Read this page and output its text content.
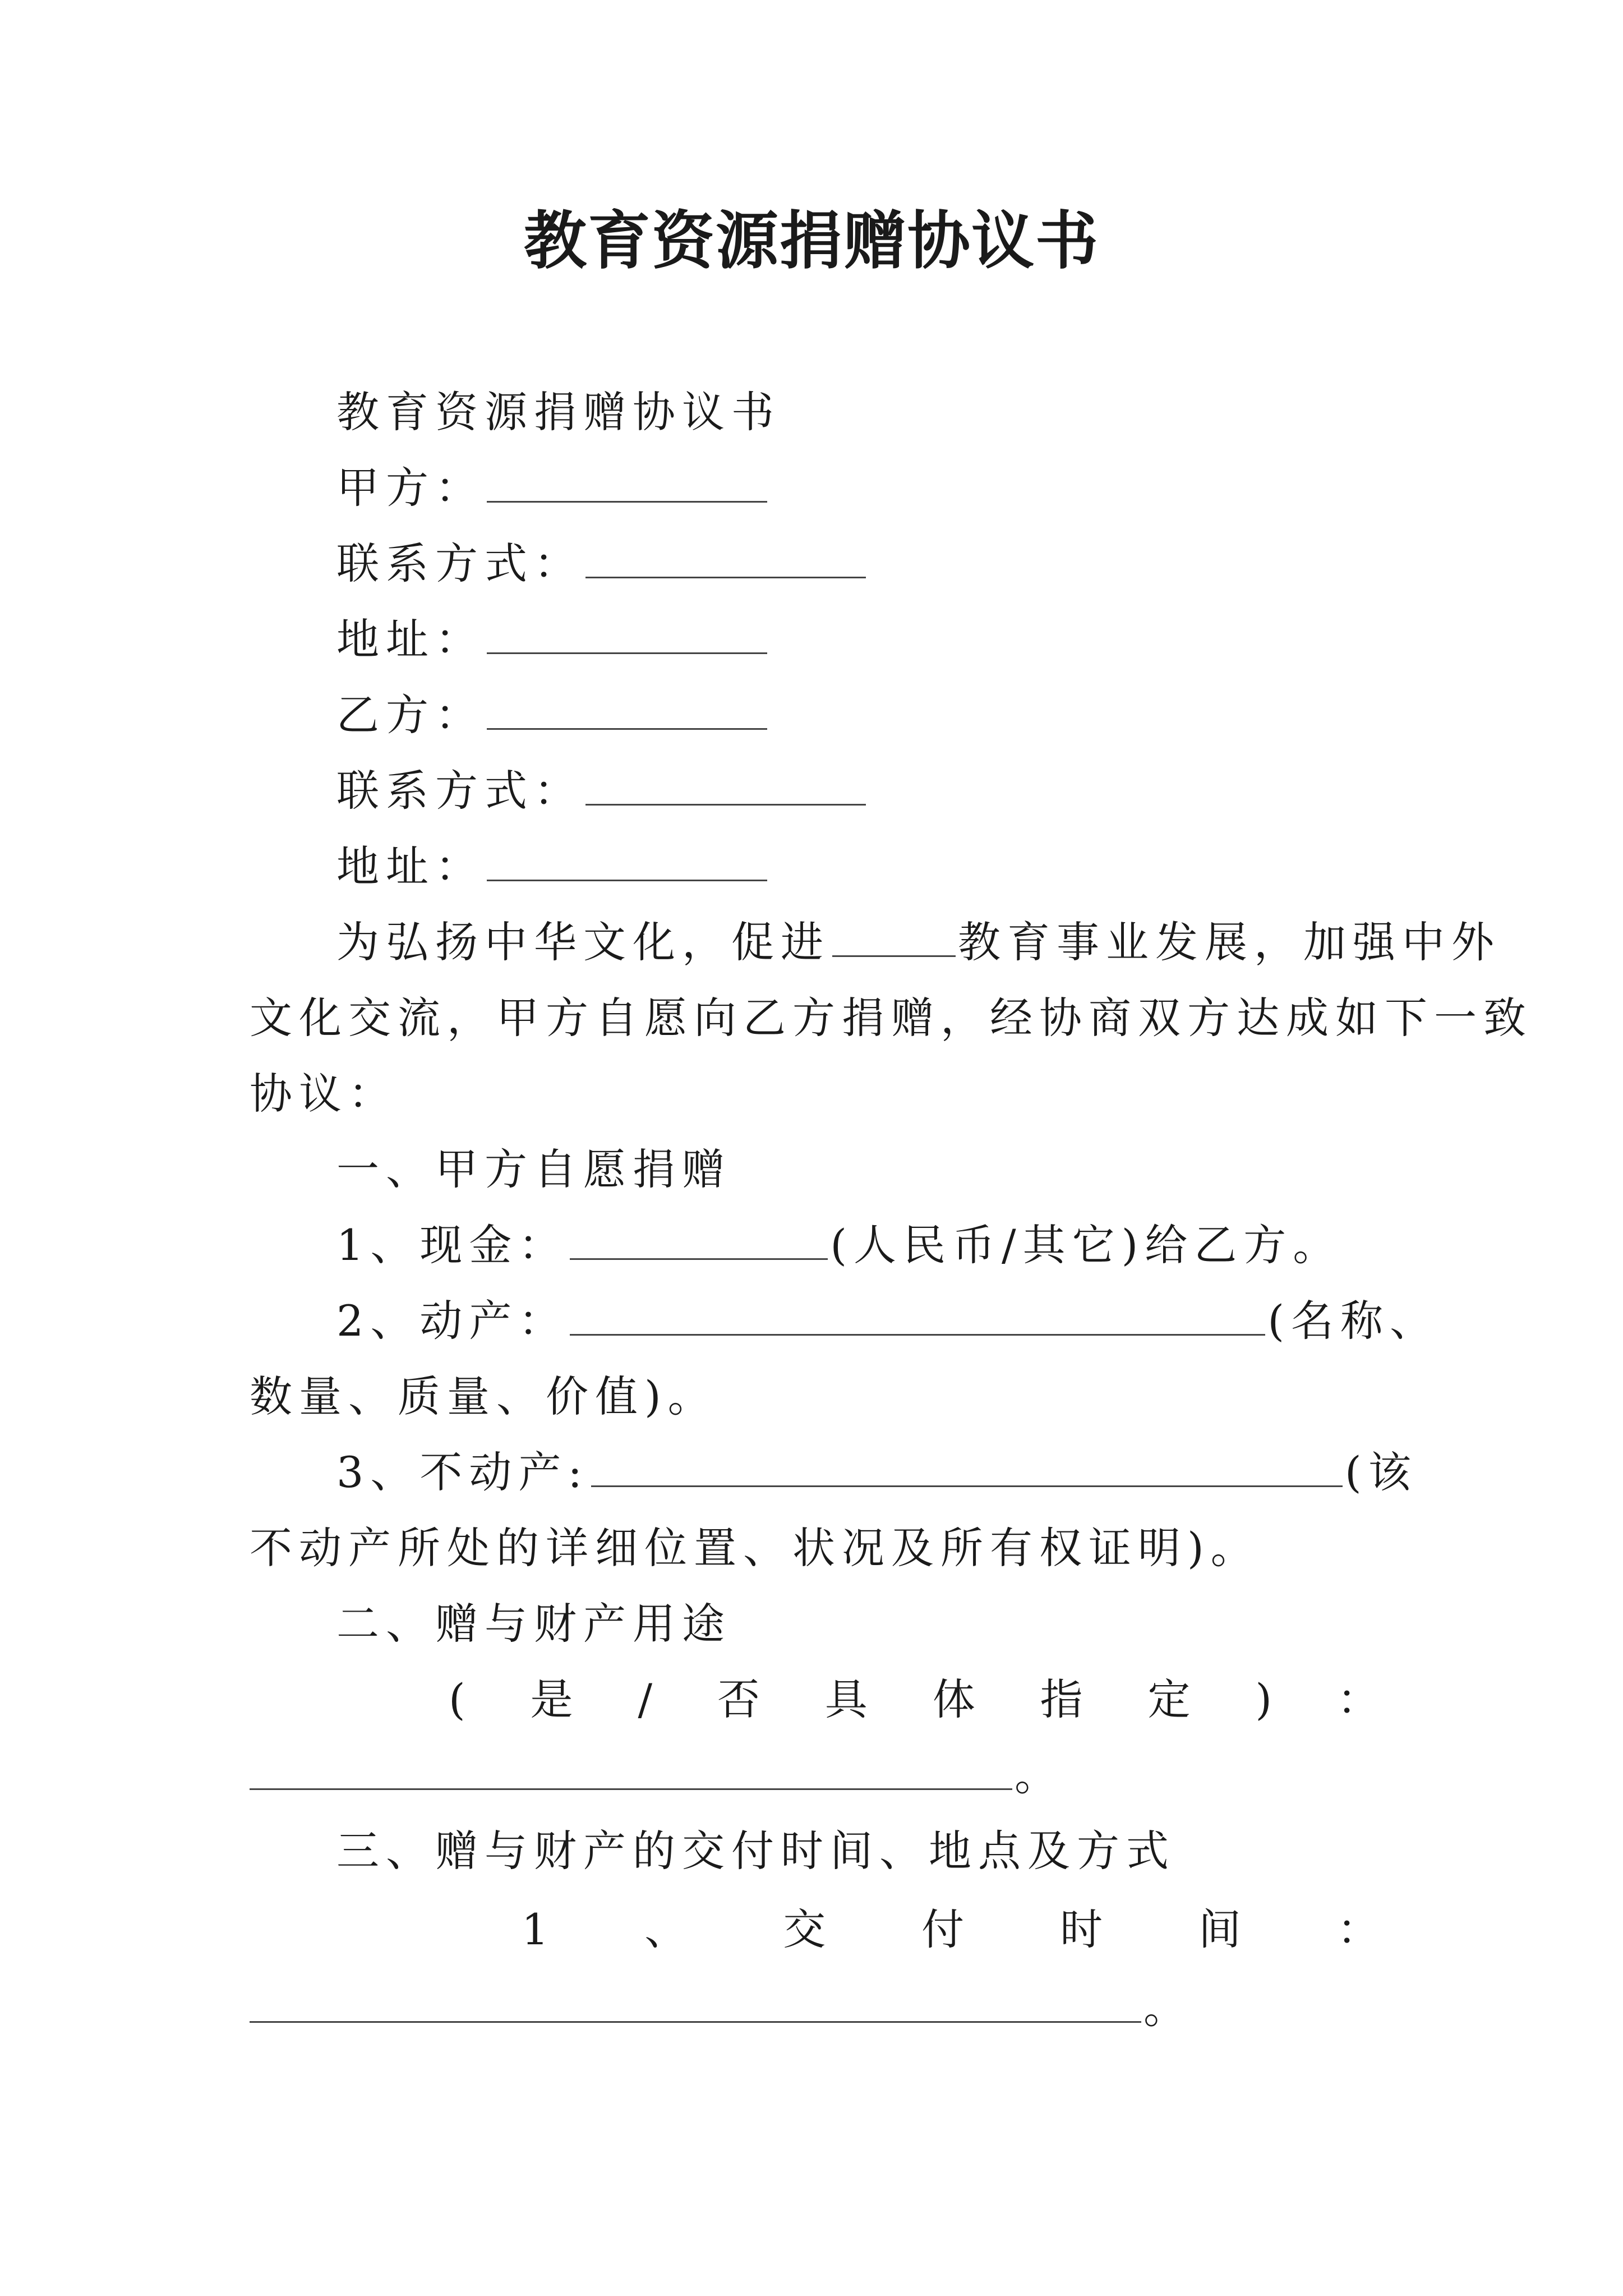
教育资源捐赠协议书
教育资源捐赠协议书
甲方：
联系方式：
地址：
乙方：
联系方式：
地址：
为弘扬中华文化，促进	教育事业发展，加强中外
文化交流，甲方自愿向乙方捐赠，经协商双方达成如下一致
协议：
一、甲方自愿捐赠
1、现金：	(人民币/其它)给乙方。
2、动产：	(名称、
数量、质量、价值)。
3、不动产:	(该
不动产所处的详细位置、状况及所有权证明)。
二、赠与财产用途
( 是 / 否 具 体 指 定 ) ：
。
三、赠与财产的交付时间、地点及方式
1 、 交 付 时 间 ：
。
